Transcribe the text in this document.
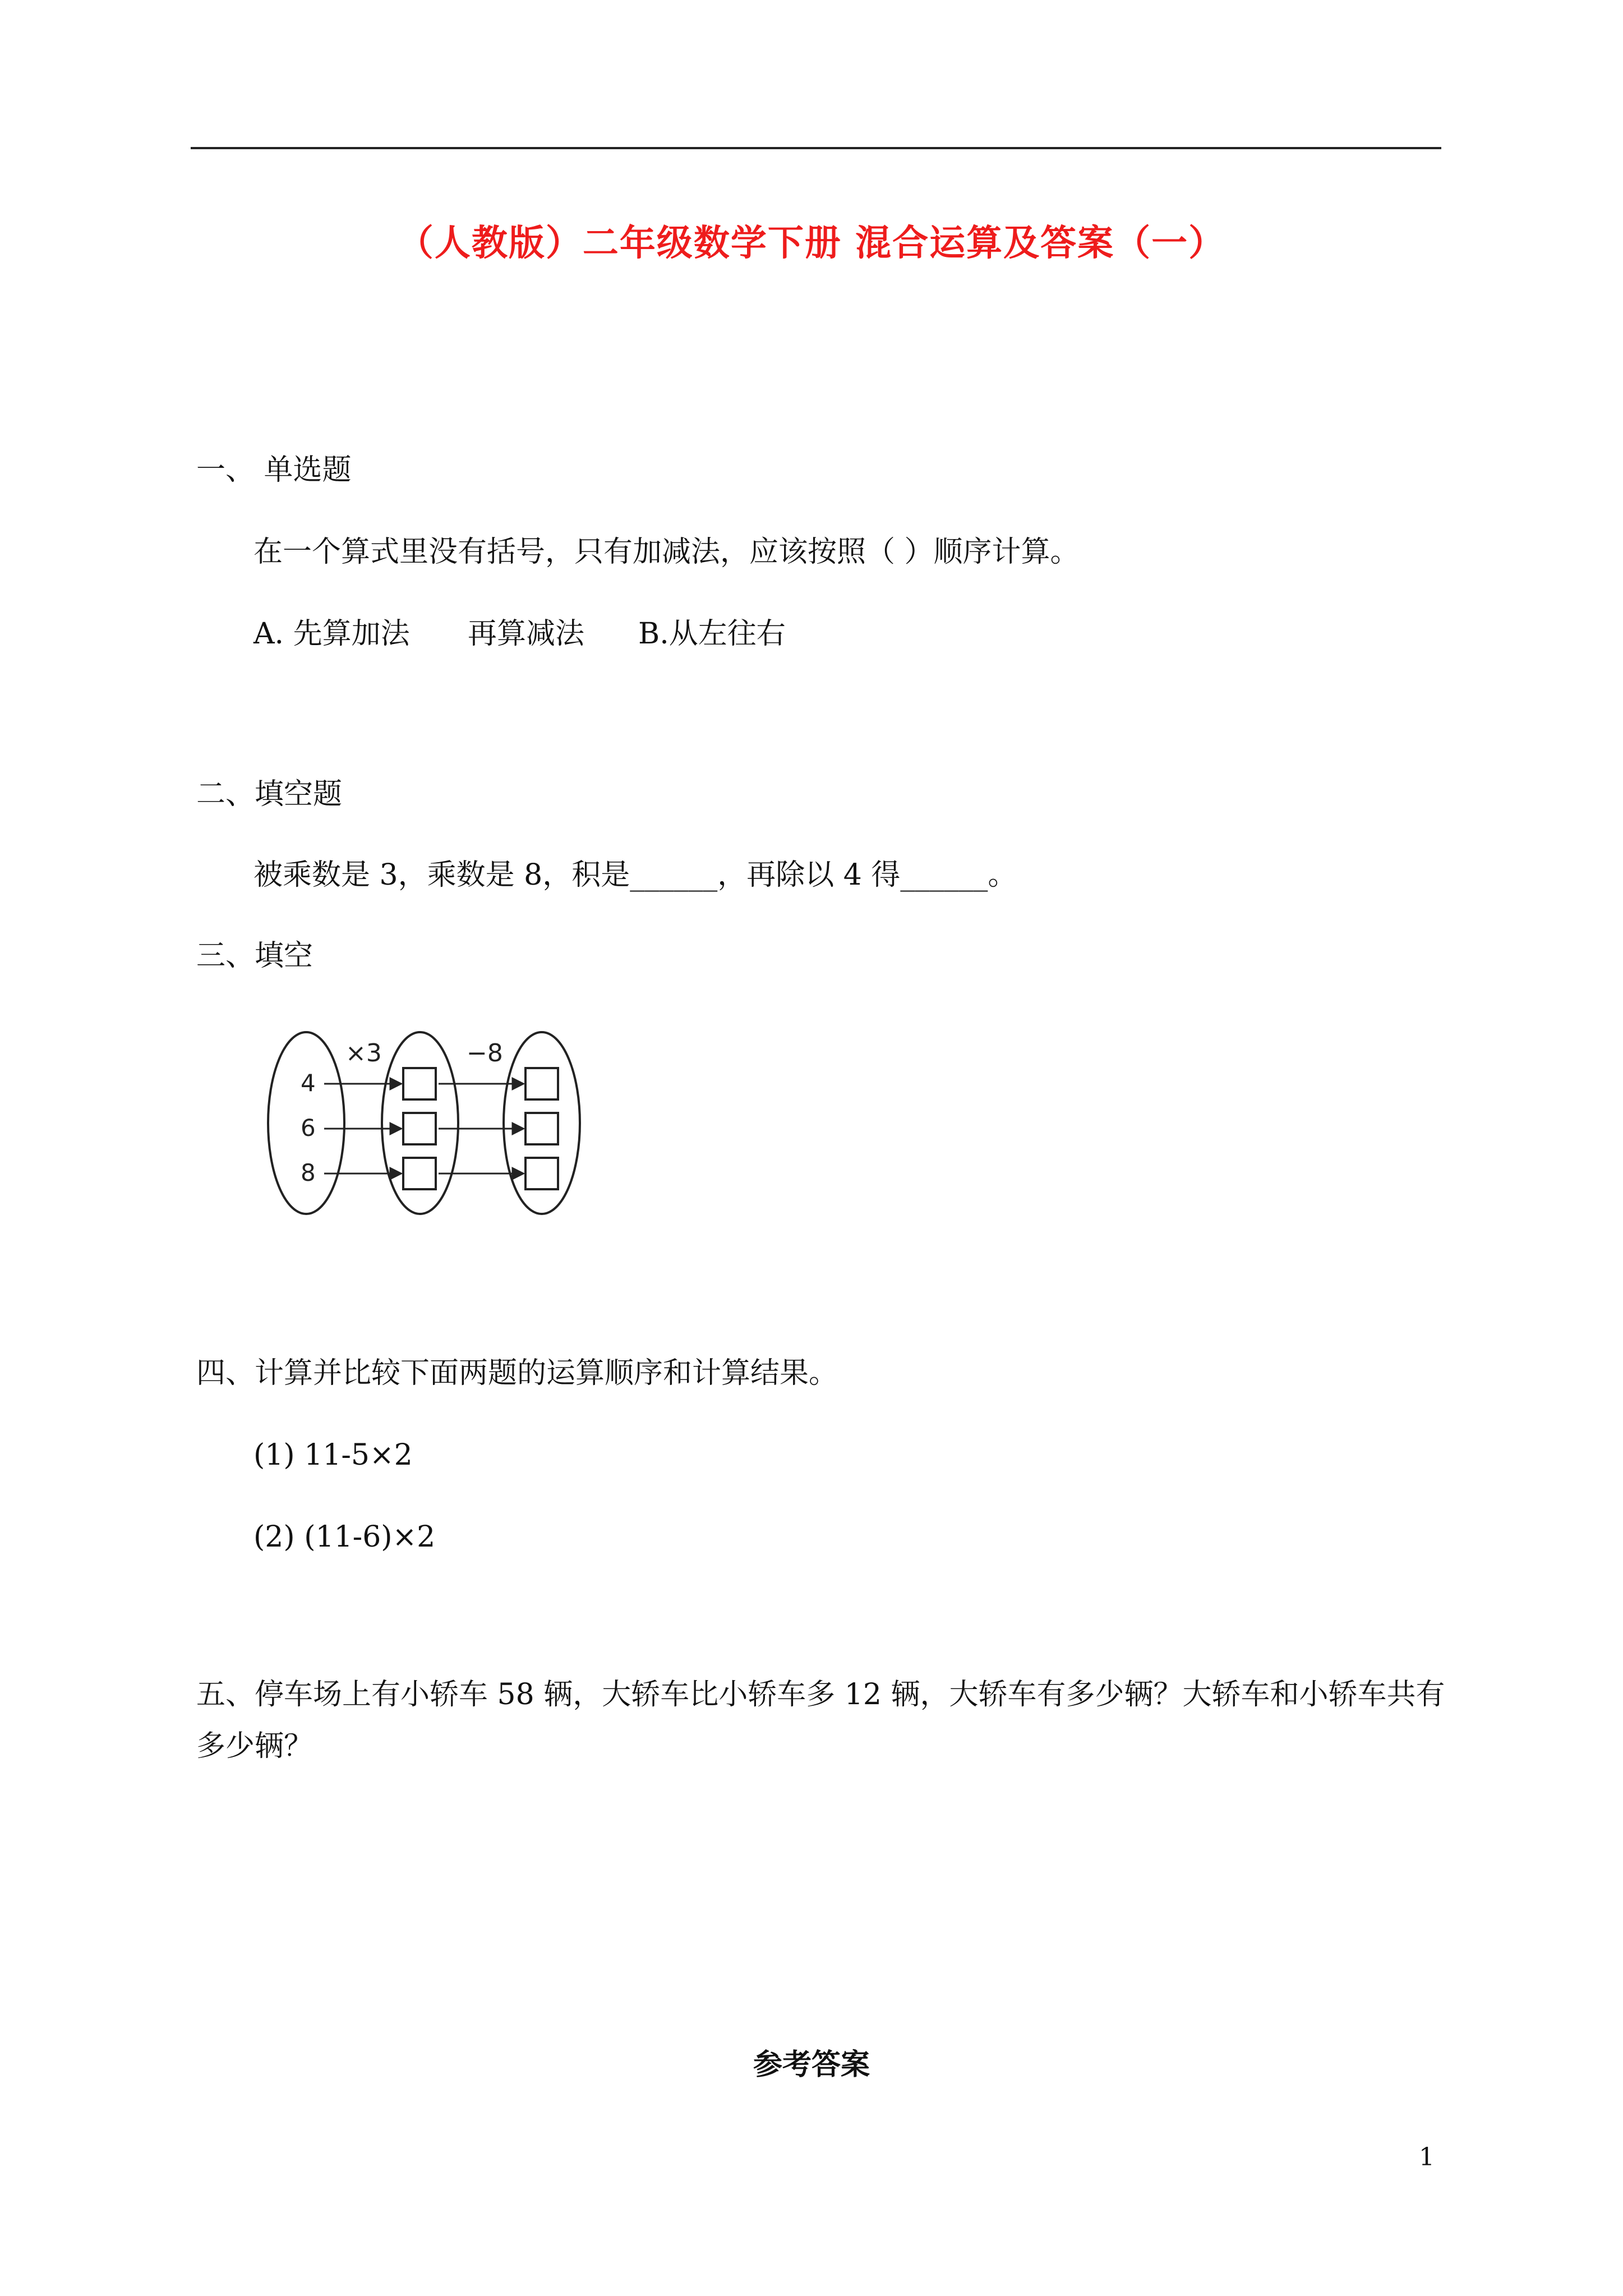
（人教版）二年级数学下册 混合运算及答案（一）
一、 单选题
在一个算式里没有括号，只有加减法，应该按照（ ）顺序计算。
A. 先算加法 再算减法 B.从左往右
二、填空题
被乘数是 3，乘数是 8，积是______，再除以 4 得______。
三、填空
×3	−8
4
6
8
四、计算并比较下面两题的运算顺序和计算结果。
(1) 11-5×2
(2) (11-6)×2
五、停车场上有小轿车 58 辆，大轿车比小轿车多 12 辆，大轿车有多少辆？大轿车和小轿车共有多少辆？
参考答案
1
